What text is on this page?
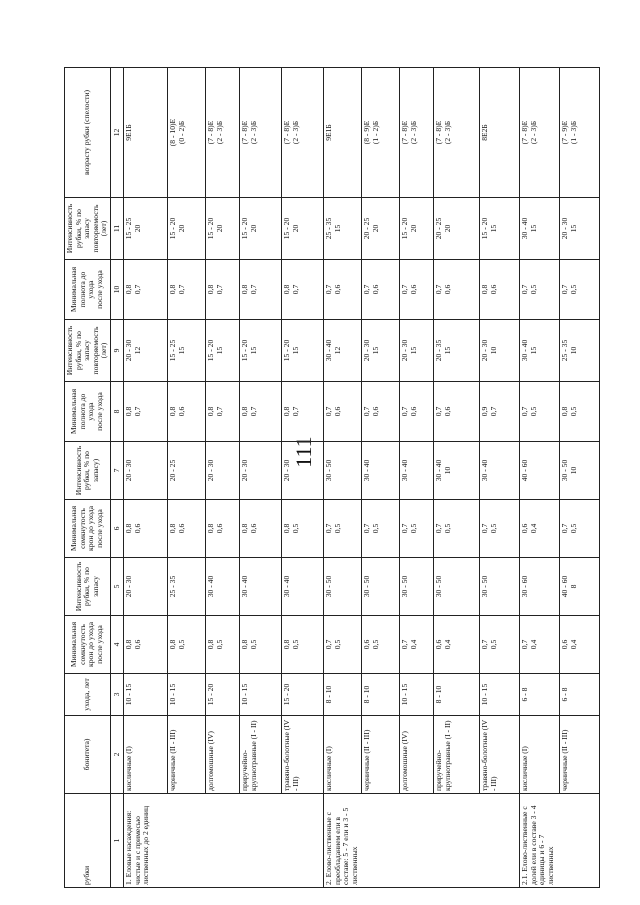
111
рубки	бонитета)	ухода, лет	Минимальная сомкнутость крон до ухода после ухода	Интенсивность рубки, % по запасу	Минимальная сомкнутость крон до ухода после ухода	Интенсивность рубки, % по запасу)	Минимальная полнота до ухода после ухода	Интенсивность рубки, % по запасу повторяемость (лет)	Минимальная полнота до ухода после ухода	Интенсивность рубки, % по запасу повторяемость (лет)	возрасту рубки (спелости)
1	2	3	4	5	6	7	8	9	10	11	12
1. Еловые насаждения: чистые и с примесью лиственных до 2 единиц	кисличные (I)	10 - 15	0,8 0,6	20 - 30	0,8 0,6	20 - 30	0,8 0,7	20 - 30 12	0,8 0,7	15 - 25 20	9Е1Б

	черничные (II - III)	10 - 15	0,8 0,5	25 - 35	0,8 0,6	20 - 25	0,8 0,6	15 - 25 15	0,8 0,7	15 - 20 20	(8 - 10)Е (0 - 2)Б

	долгомошные (IV)	15 - 20	0,8 0,5	30 - 40	0,8 0,6	20 - 30	0,8 0,7	15 - 20 15	0,8 0,7	15 - 20 20	(7 - 8)Е (2 - 3)Б

	приручейно-крупнотравные (I - II)	10 - 15	0,8 0,5	30 - 40	0,8 0,6	20 - 30	0,8 0,7	15 - 20 15	0,8 0,7	15 - 20 20	(7 - 8)Е (2 - 3)Б

	травяно-болотные (IV - III)	15 - 20	0,8 0,5	30 - 40	0,8 0,5	20 - 30	0,8 0,7	15 - 20 15	0,8 0,7	15 - 20 20	(7 - 8)Е (2 - 3)Б

2. Елово-лиственные с преобладанием ели в составе: 5 - 7 ели и 3 - 5 лиственных	кисличные (I)	8 - 10	0,7 0,5	30 - 50	0,7 0,5	30 - 50	0,7 0,6	30 - 40 12	0,7 0,6	25 - 35 15	9Е1Б

	черничные (II - III)	8 - 10	0,6 0,5	30 - 50	0,7 0,5	30 - 40	0,7 0,6	20 - 30 15	0,7 0,6	20 - 25 20	(8 - 9)Е (1 - 2)Б

	долгомошные (IV)	10 - 15	0,7 0,4	30 - 50	0,7 0,5	30 - 40	0,7 0,6	20 - 30 15	0,7 0,6	15 - 20 20	(7 - 8)Е (2 - 3)Б

	приручейно-крупнотравные (I - II)	8 - 10	0,6 0,4	30 - 50	0,7 0,5	30 - 40 10	0,7 0,6	20 - 35 15	0,7 0,6	20 - 25 20	(7 - 8)Е (2 - 3)Б

	травяно-болотные (IV - III)	10 - 15	0,7 0,5	30 - 50	0,7 0,5	30 - 40	0,9 0,7	20 - 30 10	0,8 0,6	15 - 20 15	8Е2Б

2.1. Елово-лиственные с долей ели в составе 3 - 4 единицы и 6 - 7 лиственных	кисличные (I)	6 - 8	0,7 0,4	30 - 60	0,6 0,4	40 - 60	0,7 0,5	30 - 40 15	0,7 0,5	30 - 40 15	(7 - 8)Е (2 - 3)Б

	черничные (II - III)	6 - 8	0,6 0,4	40 - 60 8	0,7 0,5	30 - 50 10	0,8 0,5	25 - 35 10	0,7 0,5	20 - 30 15	(7 - 9)Е (1 - 3)Б
